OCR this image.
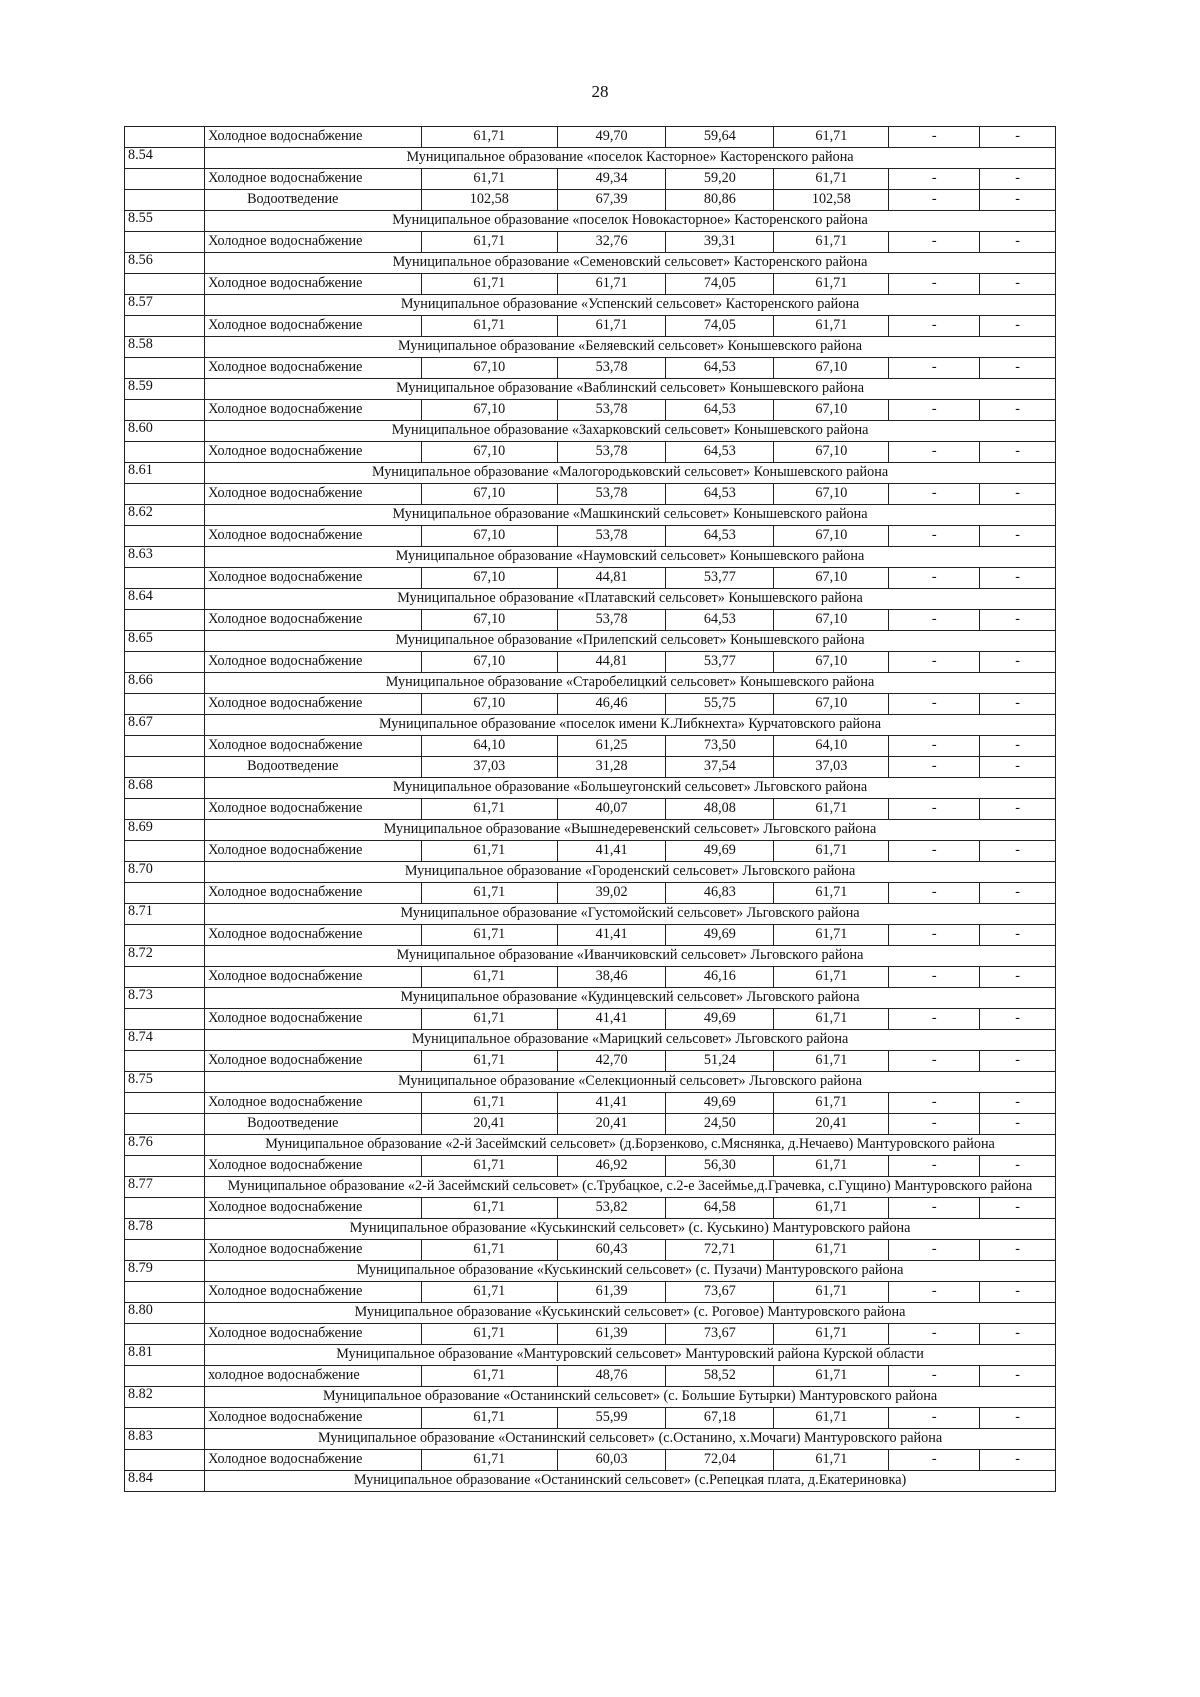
28
	Холодное водоснабжение	61,71	49,70	59,64	61,71	-	-
8.54	Муниципальное образование «поселок Касторное» Касторенского района						
	Холодное водоснабжение	61,71	49,34	59,20	61,71	-	-
	Водоотведение	102,58	67,39	80,86	102,58	-	-
8.55	Муниципальное образование «поселок Новокасторное» Касторенского района						
	Холодное водоснабжение	61,71	32,76	39,31	61,71	-	-
8.56	Муниципальное образование «Семеновский сельсовет» Касторенского района						
	Холодное водоснабжение	61,71	61,71	74,05	61,71	-	-
8.57	Муниципальное образование «Успенский сельсовет» Касторенского района						
	Холодное водоснабжение	61,71	61,71	74,05	61,71	-	-
8.58	Муниципальное образование «Беляевский сельсовет» Конышевского района						
	Холодное водоснабжение	67,10	53,78	64,53	67,10	-	-
8.59	Муниципальное образование «Ваблинский сельсовет» Конышевского района						
	Холодное водоснабжение	67,10	53,78	64,53	67,10	-	-
8.60	Муниципальное образование «Захарковский сельсовет» Конышевского района						
	Холодное водоснабжение	67,10	53,78	64,53	67,10	-	-
8.61	Муниципальное образование «Малогородьковский сельсовет» Конышевского района						
	Холодное водоснабжение	67,10	53,78	64,53	67,10	-	-
8.62	Муниципальное образование «Машкинский сельсовет» Конышевского района						
	Холодное водоснабжение	67,10	53,78	64,53	67,10	-	-
8.63	Муниципальное образование «Наумовский сельсовет» Конышевского района						
	Холодное водоснабжение	67,10	44,81	53,77	67,10	-	-
8.64	Муниципальное образование «Платавский сельсовет» Конышевского района						
	Холодное водоснабжение	67,10	53,78	64,53	67,10	-	-
8.65	Муниципальное образование «Прилепский сельсовет» Конышевского района						
	Холодное водоснабжение	67,10	44,81	53,77	67,10	-	-
8.66	Муниципальное образование «Старобелицкий сельсовет» Конышевского района						
	Холодное водоснабжение	67,10	46,46	55,75	67,10	-	-
8.67	Муниципальное образование «поселок имени К.Либкнехта» Курчатовского района						
	Холодное водоснабжение	64,10	61,25	73,50	64,10	-	-
	Водоотведение	37,03	31,28	37,54	37,03	-	-
8.68	Муниципальное образование «Большеугонский сельсовет» Льговского района						
	Холодное водоснабжение	61,71	40,07	48,08	61,71	-	-
8.69	Муниципальное образование «Вышнедеревенский сельсовет» Льговского района						
	Холодное водоснабжение	61,71	41,41	49,69	61,71	-	-
8.70	Муниципальное образование «Городенский сельсовет» Льговского района						
	Холодное водоснабжение	61,71	39,02	46,83	61,71	-	-
8.71	Муниципальное образование «Густомойский сельсовет» Льговского района						
	Холодное водоснабжение	61,71	41,41	49,69	61,71	-	-
8.72	Муниципальное образование «Иванчиковский сельсовет» Льговского района						
	Холодное водоснабжение	61,71	38,46	46,16	61,71	-	-
8.73	Муниципальное образование «Кудинцевский сельсовет» Льговского района						
	Холодное водоснабжение	61,71	41,41	49,69	61,71	-	-
8.74	Муниципальное образование «Марицкий сельсовет» Льговского района						
	Холодное водоснабжение	61,71	42,70	51,24	61,71	-	-
8.75	Муниципальное образование «Селекционный сельсовет» Льговского района						
	Холодное водоснабжение	61,71	41,41	49,69	61,71	-	-
	Водоотведение	20,41	20,41	24,50	20,41	-	-
8.76	Муниципальное образование «2-й Засеймский сельсовет» (д.Борзенково, с.Мяснянка, д.Нечаево) Мантуровского района						
	Холодное водоснабжение	61,71	46,92	56,30	61,71	-	-
8.77	Муниципальное образование «2-й Засеймский сельсовет» (с.Трубацкое, с.2-е Засеймье,д.Грачевка, с.Гущино) Мантуровского района						
	Холодное водоснабжение	61,71	53,82	64,58	61,71	-	-
8.78	Муниципальное образование «Куськинский сельсовет» (с. Куськино) Мантуровского района						
	Холодное водоснабжение	61,71	60,43	72,71	61,71	-	-
8.79	Муниципальное образование «Куськинский сельсовет» (с. Пузачи) Мантуровского района						
	Холодное водоснабжение	61,71	61,39	73,67	61,71	-	-
8.80	Муниципальное образование «Куськинский сельсовет» (с. Роговое) Мантуровского района						
	Холодное водоснабжение	61,71	61,39	73,67	61,71	-	-
8.81	Муниципальное образование «Мантуровский сельсовет» Мантуровский района Курской области						
	холодное водоснабжение	61,71	48,76	58,52	61,71	-	-
8.82	Муниципальное образование «Останинский сельсовет» (с. Большие Бутырки) Мантуровского района						
	Холодное водоснабжение	61,71	55,99	67,18	61,71	-	-
8.83	Муниципальное образование «Останинский сельсовет» (с.Останино, х.Мочаги) Мантуровского района						
	Холодное водоснабжение	61,71	60,03	72,04	61,71	-	-
8.84	Муниципальное образование «Останинский сельсовет» (с.Репецкая плата, д.Екатериновка)						
